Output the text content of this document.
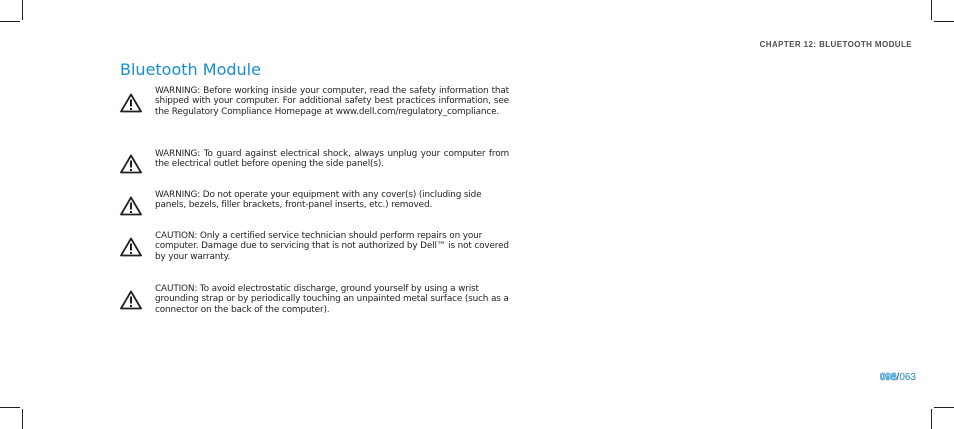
CHAPTER 12: BLUETOOTH MODULE
Bluetooth Module
WARNING: Before working inside your computer, read the safety information that shipped with your computer. For additional safety best practices information, see the Regulatory Compliance Homepage at www.dell.com/regulatory_compliance.
WARNING: To guard against electrical shock, always unplug your computer from the electrical outlet before opening the side panel(s).
WARNING: Do not operate your equipment with any cover(s) (including side panels, bezels, filler brackets, front-panel inserts, etc.) removed.
CAUTION: Only a certified service technician should perform repairs on your computer. Damage due to servicing that is not authorized by Dell™ is not covered by your warranty.
CAUTION: To avoid electrostatic discharge, ground yourself by using a wrist grounding strap or by periodically touching an unpainted metal surface (such as a connector on the back of the computer).
098/063
